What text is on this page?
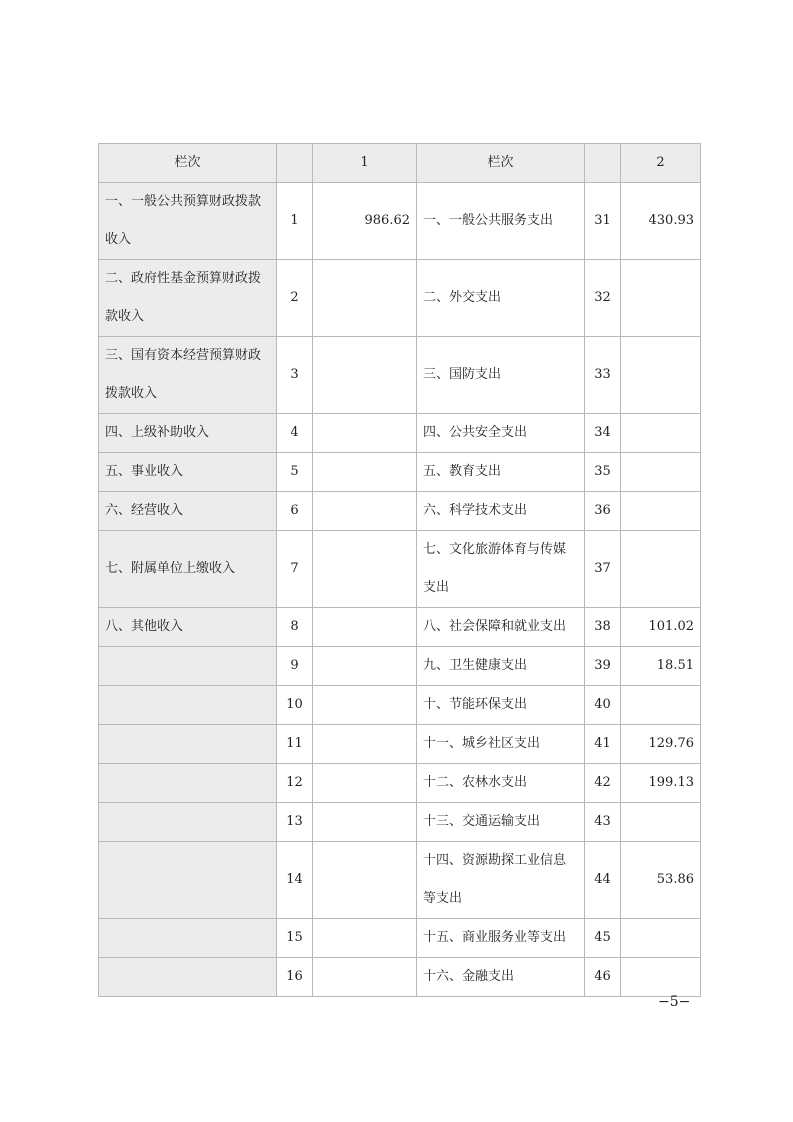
栏次		1	栏次		2
一、一般公共预算财政拨款收入	1	986.62	一、一般公共服务支出	31	430.93
二、政府性基金预算财政拨款收入	2		二、外交支出	32	
三、国有资本经营预算财政拨款收入	3		三、国防支出	33	
四、上级补助收入	4		四、公共安全支出	34	
五、事业收入	5		五、教育支出	35	
六、经营收入	6		六、科学技术支出	36	
七、附属单位上缴收入	7		七、文化旅游体育与传媒支出	37	
八、其他收入	8		八、社会保障和就业支出	38	101.02
	9		九、卫生健康支出	39	18.51
	10		十、节能环保支出	40	
	11		十一、城乡社区支出	41	129.76
	12		十二、农林水支出	42	199.13
	13		十三、交通运输支出	43	
	14		十四、资源勘探工业信息等支出	44	53.86
	15		十五、商业服务业等支出	45	
	16		十六、金融支出	46	
−5−
